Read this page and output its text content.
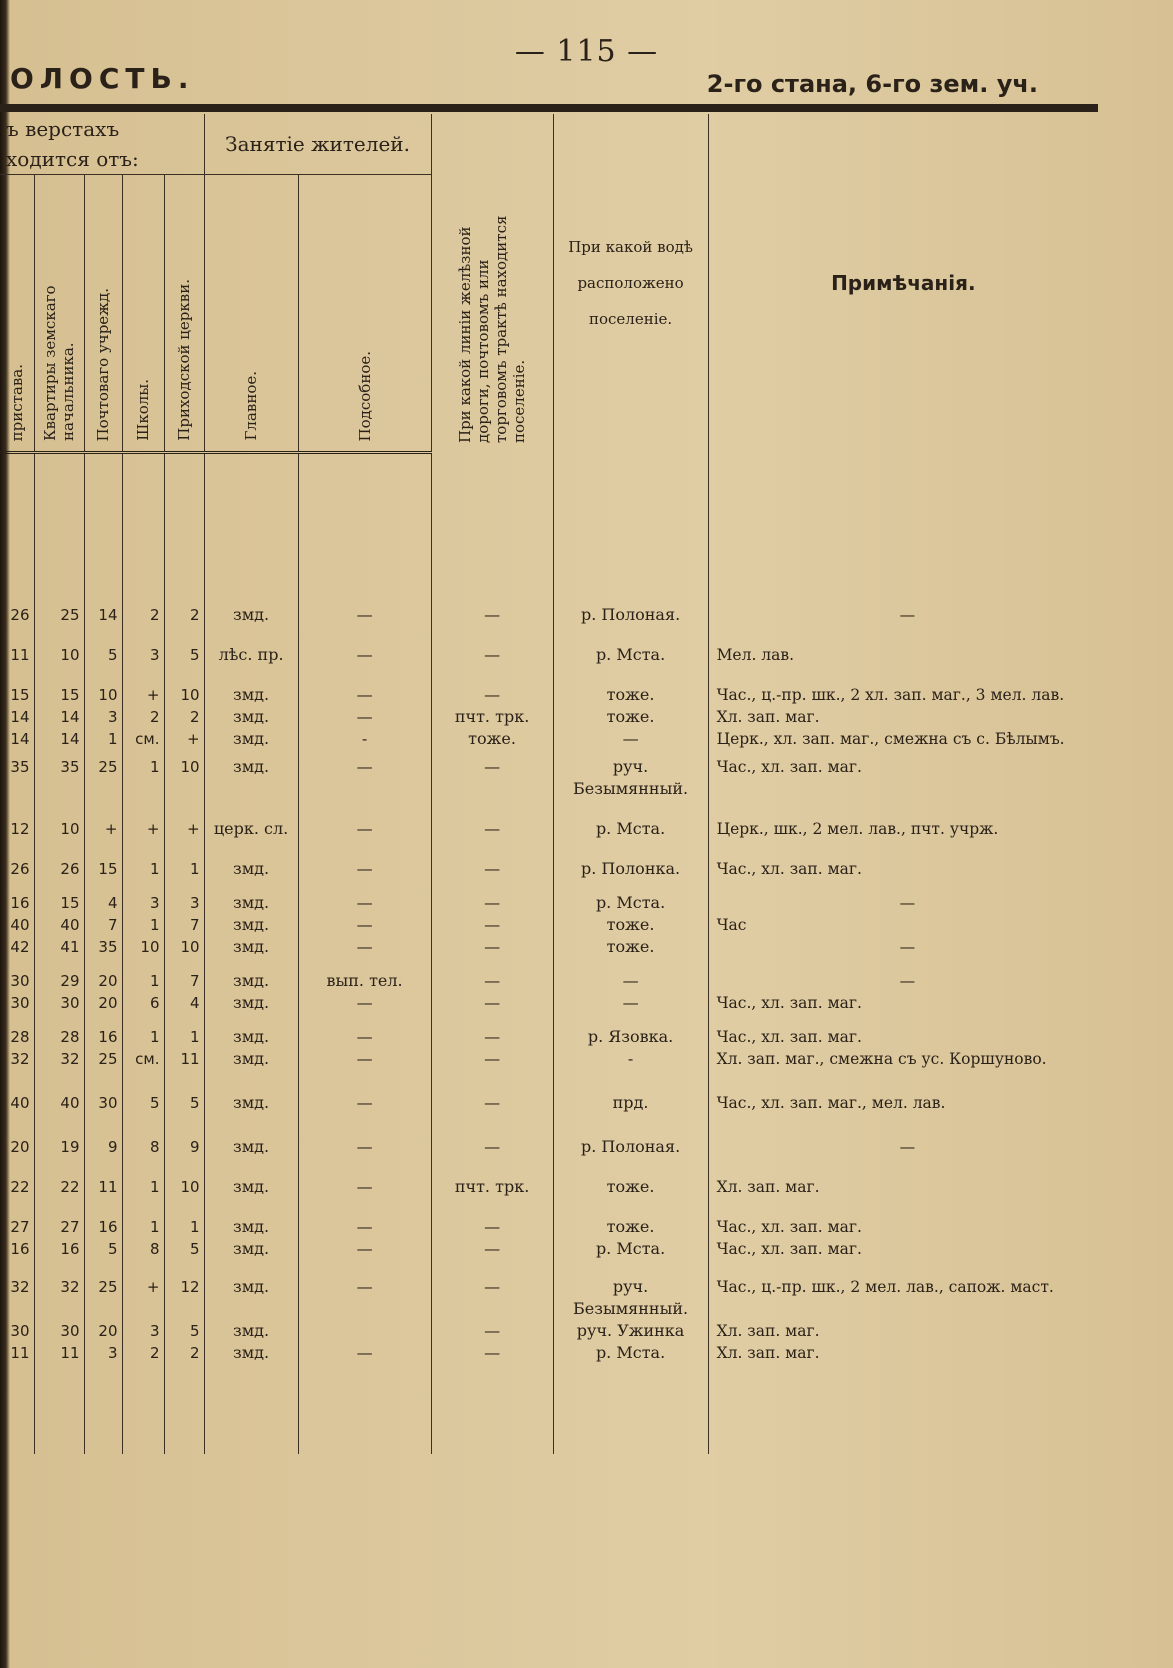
— 115 —
ОЛОСТЬ.	2-го стана, 6-го зем. уч.
ъ верстахъ
ходится отъ:					Занятіе жителей.		При какой линіи желѣзной дороги, почтовомъ или торговомъ трактѣ находится поселеніе.	При какой водѣ расположено поселеніе.	Примѣчанія.
пристава.	Квартиры земскаго начальника.	Почтоваго учрежд.	Школы.	Приходской церкви.	Главное.	Подсобное.			

26	25	14	2	2	змд.	—	—	р. Полоная.	—
11	10	5	3	5	лѣс. пр.	—	—	р. Мста.	Мел. лав.
15	15	10	+	10	змд.	—	—	тоже.	Час., ц.-пр. шк., 2 хл. зап. маг., 3 мел. лав.
14	14	3	2	2	змд.	—	пчт. трк.	тоже.	Хл. зап. маг.
14	14	1	см.	+	змд.	-	тожe.	—	Церк., хл. зап. маг., смежна съ с. Бѣлымъ.
35	35	25	1	10	змд.	—	—	руч. Безымянный.	Час., хл. зап. маг.
12	10	+	+	+	церк. сл.	—	—	р. Мста.	Церк., шк., 2 мел. лав., пчт. учрж.
26	26	15	1	1	змд.	—	—	р. Полонка.	Час., хл. зап. маг.
16	15	4	3	3	змд.	—	—	р. Мста.	—
40	40	7	1	7	змд.	—	—	тоже.	Час
42	41	35	10	10	змд.	—	—	тоже.	—
30	29	20	1	7	змд.	вып. тел.	—	—	—
30	30	20	6	4	змд.	—	—	—	Час., хл. зап. маг.
28	28	16	1	1	змд.	—	—	р. Язовка.	Час., хл. зап. маг.
32	32	25	см.	11	змд.	—	—	-	Хл. зап. маг., смежна съ ус. Коршуново.
40	40	30	5	5	змд.	—	—	прд.	Час., хл. зап. маг., мел. лав.
20	19	9	8	9	змд.	—	—	р. Полоная.	—
22	22	11	1	10	змд.	—	пчт. трк.	тоже.	Хл. зап. маг.
27	27	16	1	1	змд.	—	—	тоже.	Час., хл. зап. маг.
16	16	5	8	5	змд.	—	—	р. Мста.	Час., хл. зап. маг.
32	32	25	+	12	змд.	—	—	руч. Безымянный.	Час., ц.-пр. шк., 2 мел. лав., сапож. маст.
30	30	20	3	5	змд.		—	руч. Ужинка	Хл. зап. маг.
11	11	3	2	2	змд.	—	—	р. Мста.	Хл. зап. маг.
